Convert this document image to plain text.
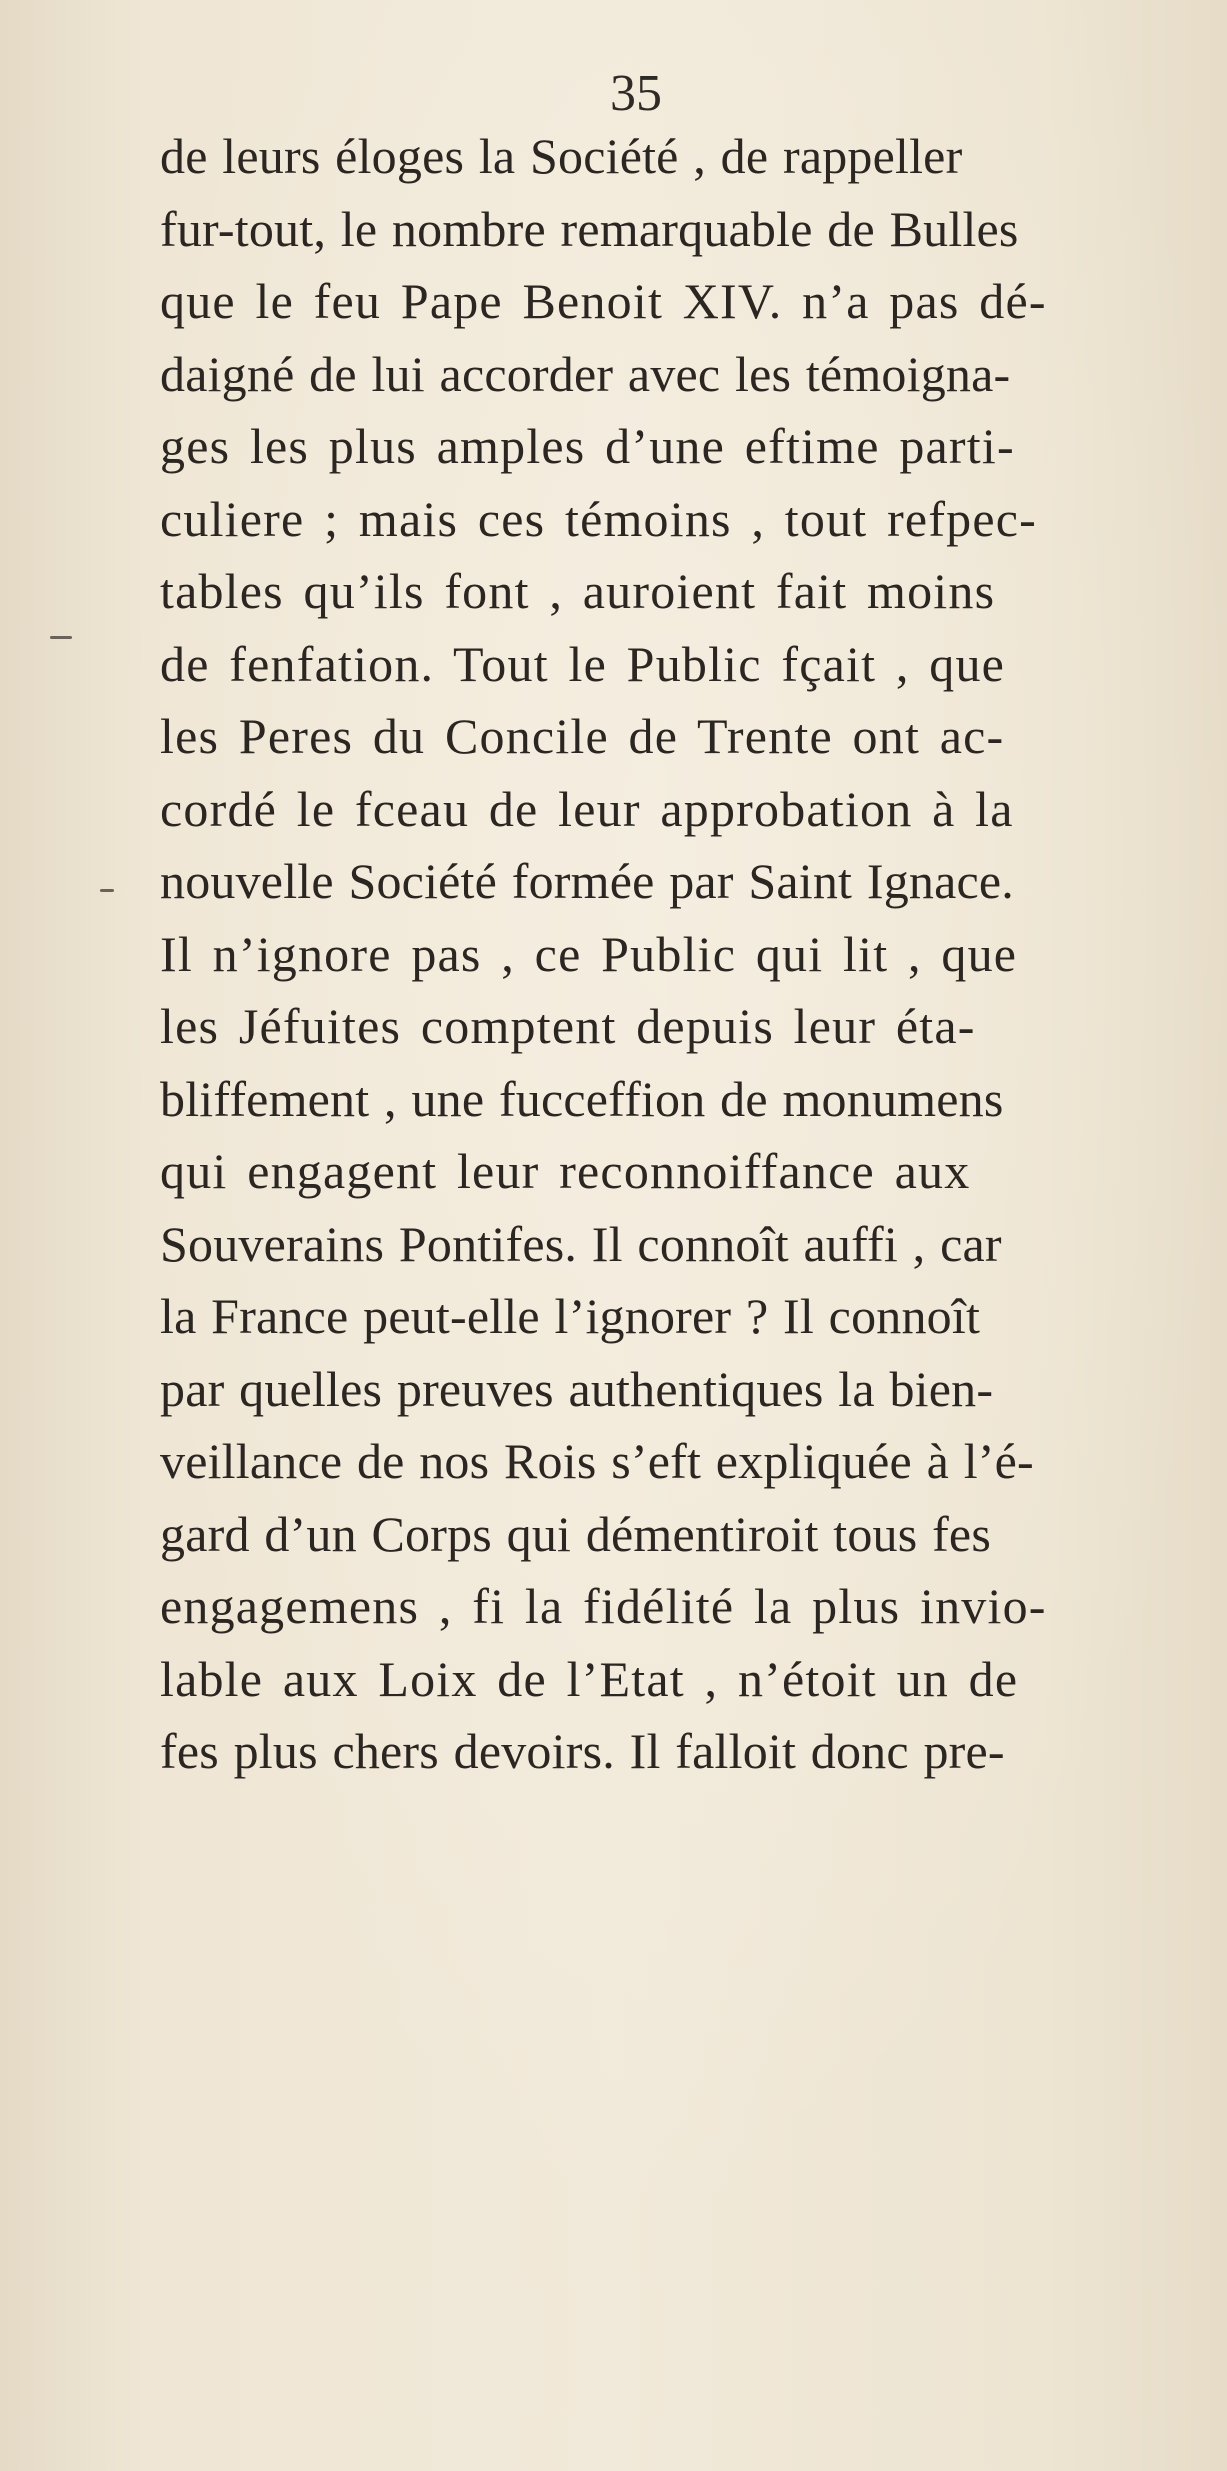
35
de leurs éloges la Société , de rappeller
fur-tout, le nombre remarquable de Bulles
que le feu Pape Benoit XIV. n’a pas dé-
daigné de lui accorder avec les témoigna-
ges les plus amples d’une eftime parti-
culiere ; mais ces témoins , tout refpec-
tables qu’ils font , auroient fait moins
de fenfation. Tout le Public fçait , que
les Peres du Concile de Trente ont ac-
cordé le fceau de leur approbation à la
nouvelle Société formée par Saint Ignace.
Il n’ignore pas , ce Public qui lit , que
les Jéfuites comptent depuis leur éta-
bliffement , une fucceffion de monumens
qui engagent leur reconnoiffance aux
Souverains Pontifes. Il connoît auffi , car
la France peut-elle l’ignorer ? Il connoît
par quelles preuves authentiques la bien-
veillance de nos Rois s’eft expliquée à l’é-
gard d’un Corps qui démentiroit tous fes
engagemens , fi la fidélité la plus invio-
lable aux Loix de l’Etat , n’étoit un de
fes plus chers devoirs. Il falloit donc pre-
